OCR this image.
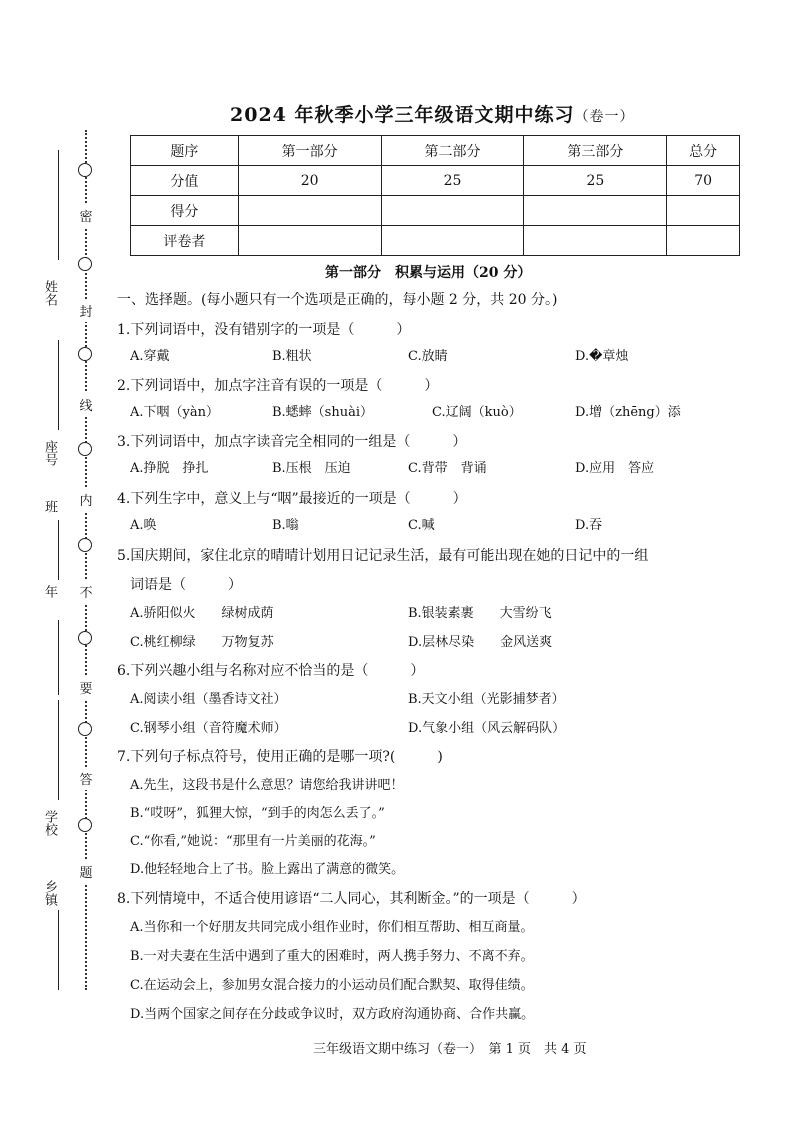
密
封
线
内
不
要
答
题
姓名
座号
班
年
学校
乡镇
2024 年秋季小学三年级语文期中练习（卷一）
题序	第一部分	第二部分	第三部分	总分
分值	20	25	25	70
得分				
评卷者				
第一部分　积累与运用（20 分）
一、选择题。(每小题只有一个选项是正确的，每小题 2 分，共 20 分。)
1.下列词语中，没有错别字的一项是（　　　）
A.穿戴	B.粗状	C.放睛	D.�章烛
2.下列词语中，加点字注音有误的一项是（　　　）
A.下咽（yàn）	B.蟋蟀（shuài）	C.辽阔（kuò）	D.增（zhēng）添
3.下列词语中，加点字读音完全相同的一组是（　　　）
A.挣脱　挣扎	B.压根　压迫	C.背带　背诵	D.应用　答应
4.下列生字中，意义上与“咽”最接近的一项是（　　　）
A.唤	B.嗡	C.喊	D.吞
5.国庆期间，家住北京的晴晴计划用日记记录生活，最有可能出现在她的日记中的一组
词语是（　　　）
A.骄阳似火　　绿树成荫	B.银装素裹　　大雪纷飞
C.桃红柳绿　　万物复苏	D.层林尽染　　金风送爽
6.下列兴趣小组与名称对应不恰当的是（　　　）
A.阅读小组（墨香诗文社）	B.天文小组（光影捕梦者）
C.钢琴小组（音符魔术师）	D.气象小组（风云解码队）
7.下列句子标点符号，使用正确的是哪一项?(　　　)
A.先生，这段书是什么意思？请您给我讲讲吧！
B.“哎呀”，狐狸大惊，“到手的肉怎么丢了。”
C.“你看,”她说：“那里有一片美丽的花海。”
D.他轻轻地合上了书。脸上露出了满意的微笑。
8.下列情境中，不适合使用谚语“二人同心，其利断金。”的一项是（　　　）
A.当你和一个好朋友共同完成小组作业时，你们相互帮助、相互商量。
B.一对夫妻在生活中遇到了重大的困难时，两人携手努力、不离不弃。
C.在运动会上，参加男女混合接力的小运动员们配合默契、取得佳绩。
D.当两个国家之间存在分歧或争议时，双方政府沟通协商、合作共赢。
三年级语文期中练习（卷一）　第 1 页　共 4 页
